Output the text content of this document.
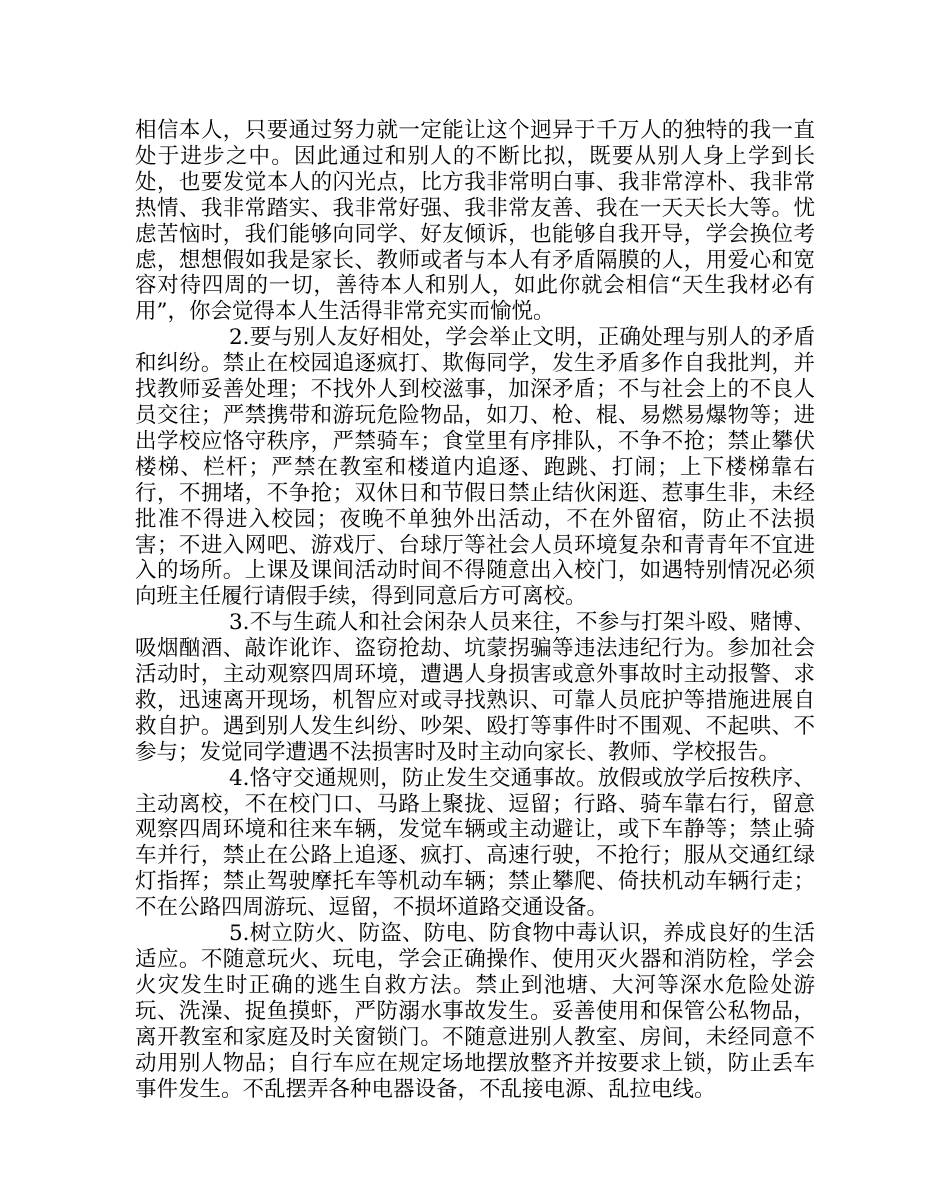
相信本人，只要通过努力就一定能让这个迥异于千万人的独特的我一直处于进步之中。因此通过和别人的不断比拟，既要从别人身上学到长处，也要发觉本人的闪光点，比方我非常明白事、我非常淳朴、我非常热情、我非常踏实、我非常好强、我非常友善、我在一天天长大等。忧虑苦恼时，我们能够向同学、好友倾诉，也能够自我开导，学会换位考虑，想想假如我是家长、教师或者与本人有矛盾隔膜的人，用爱心和宽容对待四周的一切，善待本人和别人，如此你就会相信“天生我材必有用”，你会觉得本人生活得非常充实而愉悦。

2.要与别人友好相处，学会举止文明，正确处理与别人的矛盾和纠纷。禁止在校园追逐疯打、欺侮同学，发生矛盾多作自我批判，并找教师妥善处理；不找外人到校滋事，加深矛盾；不与社会上的不良人员交往；严禁携带和游玩危险物品，如刀、枪、棍、易燃易爆物等；进出学校应恪守秩序，严禁骑车；食堂里有序排队，不争不抢；禁止攀伏楼梯、栏杆；严禁在教室和楼道内追逐、跑跳、打闹；上下楼梯靠右行，不拥堵，不争抢；双休日和节假日禁止结伙闲逛、惹事生非，未经批准不得进入校园；夜晚不单独外出活动，不在外留宿，防止不法损害；不进入网吧、游戏厅、台球厅等社会人员环境复杂和青青年不宜进入的场所。上课及课间活动时间不得随意出入校门，如遇特别情况必须向班主任履行请假手续，得到同意后方可离校。

3.不与生疏人和社会闲杂人员来往，不参与打架斗殴、赌博、吸烟酗酒、敲诈讹诈、盗窃抢劫、坑蒙拐骗等违法违纪行为。参加社会活动时，主动观察四周环境，遭遇人身损害或意外事故时主动报警、求救，迅速离开现场，机智应对或寻找熟识、可靠人员庇护等措施进展自救自护。遇到别人发生纠纷、吵架、殴打等事件时不围观、不起哄、不参与；发觉同学遭遇不法损害时及时主动向家长、教师、学校报告。

4.恪守交通规则，防止发生交通事故。放假或放学后按秩序、主动离校，不在校门口、马路上聚拢、逗留；行路、骑车靠右行，留意观察四周环境和往来车辆，发觉车辆或主动避让，或下车静等；禁止骑车并行，禁止在公路上追逐、疯打、高速行驶，不抢行；服从交通红绿灯指挥；禁止驾驶摩托车等机动车辆；禁止攀爬、倚扶机动车辆行走；不在公路四周游玩、逗留，不损坏道路交通设备。

5.树立防火、防盗、防电、防食物中毒认识，养成良好的生活适应。不随意玩火、玩电，学会正确操作、使用灭火器和消防栓，学会火灾发生时正确的逃生自救方法。禁止到池塘、大河等深水危险处游玩、洗澡、捉鱼摸虾，严防溺水事故发生。妥善使用和保管公私物品，离开教室和家庭及时关窗锁门。不随意进别人教室、房间，未经同意不动用别人物品；自行车应在规定场地摆放整齐并按要求上锁，防止丢车事件发生。不乱摆弄各种电器设备，不乱接电源、乱拉电线。
